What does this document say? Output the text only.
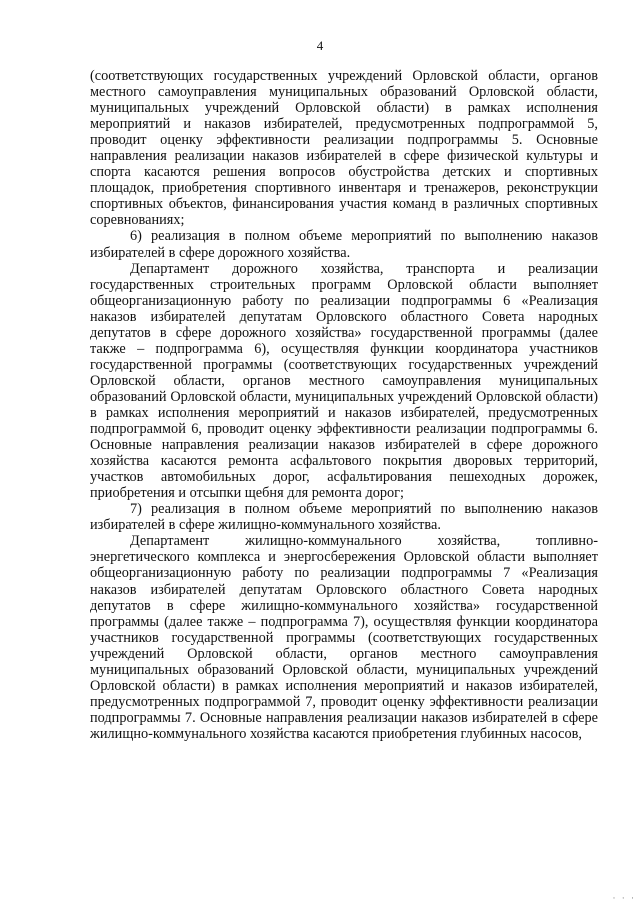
4

(соответствующих государственных учреждений Орловской области, органов местного самоуправления муниципальных образований Орловской области, муниципальных учреждений Орловской области) в рамках исполнения мероприятий и наказов избирателей, предусмотренных подпрограммой 5, проводит оценку эффективности реализации подпрограммы 5. Основные направления реализации наказов избирателей в сфере физической культуры и спорта касаются решения вопросов обустройства детских и спортивных площадок, приобретения спортивного инвентаря и тренажеров, реконструкции спортивных объектов, финансирования участия команд в различных спортивных соревнованиях;

6) реализация в полном объеме мероприятий по выполнению наказов избирателей в сфере дорожного хозяйства.

Департамент дорожного хозяйства, транспорта и реализации государственных строительных программ Орловской области выполняет общеорганизационную работу по реализации подпрограммы 6 «Реализация наказов избирателей депутатам Орловского областного Совета народных депутатов в сфере дорожного хозяйства» государственной программы (далее также – подпрограмма 6), осуществляя функции координатора участников государственной программы (соответствующих государственных учреждений Орловской области, органов местного самоуправления муниципальных образований Орловской области, муниципальных учреждений Орловской области) в рамках исполнения мероприятий и наказов избирателей, предусмотренных подпрограммой 6, проводит оценку эффективности реализации подпрограммы 6. Основные направления реализации наказов избирателей в сфере дорожного хозяйства касаются ремонта асфальтового покрытия дворовых территорий, участков автомобильных дорог, асфальтирования пешеходных дорожек, приобретения и отсыпки щебня для ремонта дорог;

7) реализация в полном объеме мероприятий по выполнению наказов избирателей в сфере жилищно-коммунального хозяйства.

Департамент жилищно-коммунального хозяйства, топливно-энергетического комплекса и энергосбережения Орловской области выполняет общеорганизационную работу по реализации подпрограммы 7 «Реализация наказов избирателей депутатам Орловского областного Совета народных депутатов в сфере жилищно-коммунального хозяйства» государственной программы (далее также – подпрограмма 7), осуществляя функции координатора участников государственной программы (соответствующих государственных учреждений Орловской области, органов местного самоуправления муниципальных образований Орловской области, муниципальных учреждений Орловской области) в рамках исполнения мероприятий и наказов избирателей, предусмотренных подпрограммой 7, проводит оценку эффективности реализации подпрограммы 7. Основные направления реализации наказов избирателей в сфере жилищно-коммунального хозяйства касаются приобретения глубинных насосов,

· · ·
